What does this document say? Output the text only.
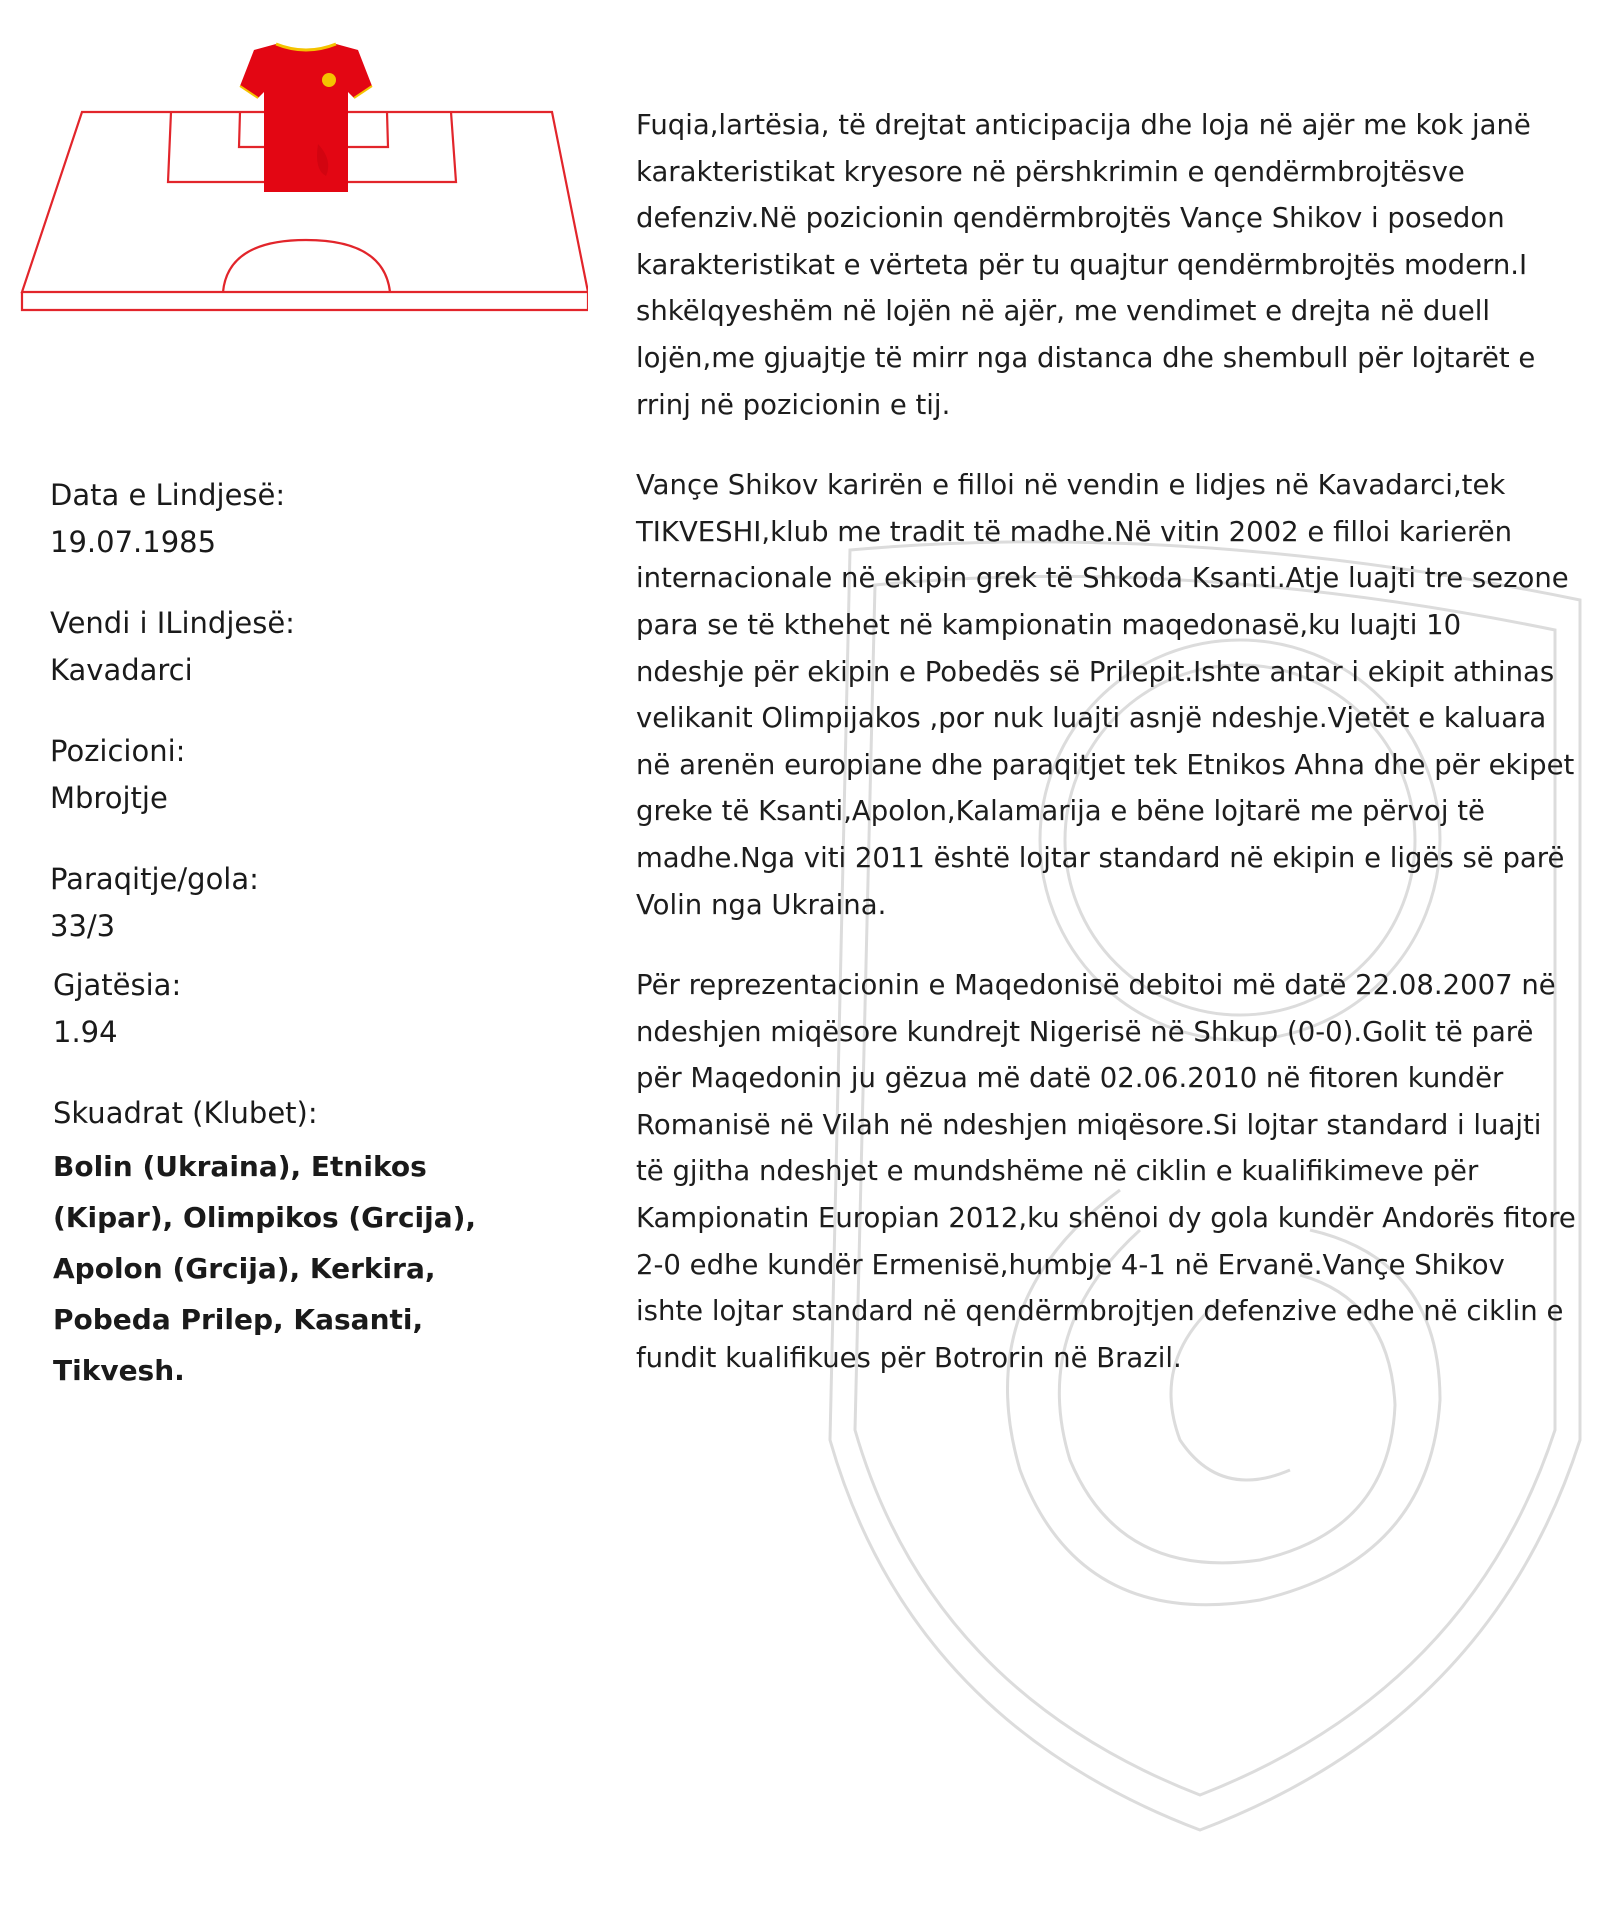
Data e Lindjesë:
19.07.1985
Vendi i ILindjesë:
Kavadarci
Pozicioni:
Mbrojtje
Paraqitje/gola:
33/3
Gjatësia:
1.94
Skuadrat (Klubet):
Bolin (Ukraina), Etnikos (Kipar), Olimpikos (Grcija), Apolon (Grcija), Kerkira, Pobeda Prilep, Kasanti, Tikvesh.

Fuqia,lartësia, të drejtat anticipacija dhe loja në ajër me kok janë karakteristikat kryesore në përshkrimin e qendërmbrojtësve defenziv.Në pozicionin qendërmbrojtës Vançe Shikov i posedon karakteristikat e vërteta për tu quajtur qendërmbrojtës modern.I shkëlqyeshëm në lojën në ajër, me vendimet e drejta në duell lojën,me gjuajtje të mirr nga distanca dhe shembull për lojtarët e rrinj në pozicionin e tij.

Vançe Shikov karirën e filloi në vendin e lidjes në Kavadarci,tek TIKVESHI,klub me tradit të madhe.Në vitin 2002 e filloi karierën internacionale në ekipin grek të Shkoda Ksanti.Atje luajti tre sezone para se të kthehet në kampionatin maqedonasë,ku luajti 10 ndeshje për ekipin e Pobedës së Prilepit.Ishte antar i ekipit athinas velikanit Olimpijakos ,por nuk luajti asnjë ndeshje.Vjetët e kaluara në arenën europiane dhe paraqitjet tek Etnikos Ahna dhe për ekipet greke të Ksanti,Apolon,Kalamarija e bëne lojtarë me përvoj të madhe.Nga viti 2011 është lojtar standard në ekipin e ligës së parë Volin nga Ukraina.

Për reprezentacionin e Maqedonisë debitoi më datë 22.08.2007 në ndeshjen miqësore kundrejt Nigerisë në Shkup (0-0).Golit të parë për Maqedonin ju gëzua më datë 02.06.2010 në fitoren kundër Romanisë në Vilah në ndeshjen miqësore.Si lojtar standard i luajti të gjitha ndeshjet e mundshëme në ciklin e kualifikimeve për Kampionatin Europian 2012,ku shënoi dy gola kundër Andorës fitore 2-0 edhe kundër Ermenisë,humbje 4-1 në Ervanë.Vançe Shikov ishte lojtar standard në qendërmbrojtjen defenzive edhe në ciklin e fundit kualifikues për Botrorin në Brazil.
